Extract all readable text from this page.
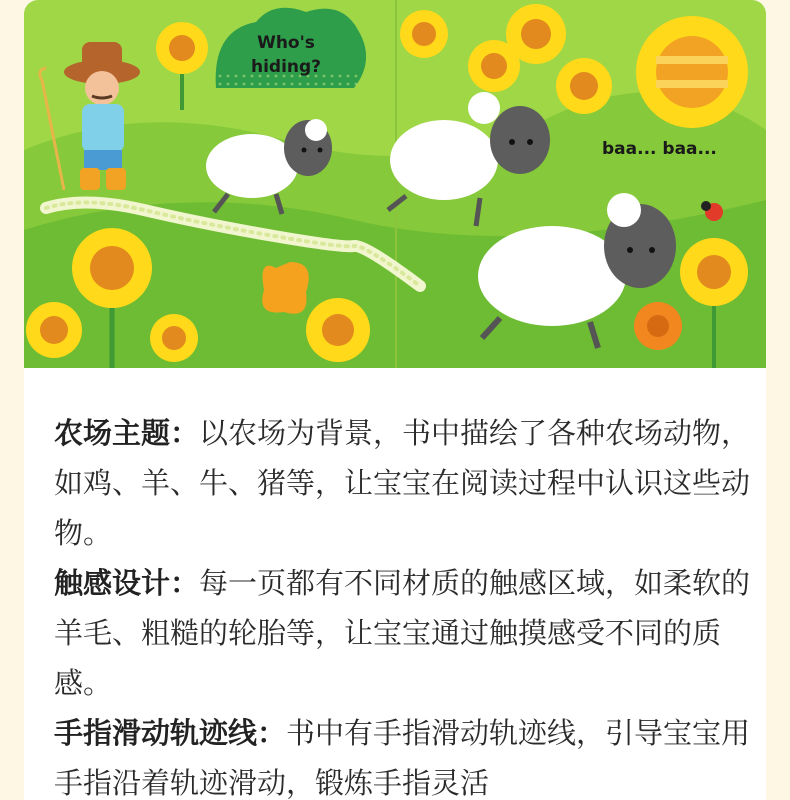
Who's
hiding?
baa... baa...

农场主题：以农场为背景，书中描绘了各种农场动物，如鸡、羊、牛、猪等，让宝宝在阅读过程中认识这些动物。

触感设计：每一页都有不同材质的触感区域，如柔软的羊毛、粗糙的轮胎等，让宝宝通过触摸感受不同的质感。

手指滑动轨迹线：书中有手指滑动轨迹线，引导宝宝用手指沿着轨迹滑动，锻炼手指灵活
